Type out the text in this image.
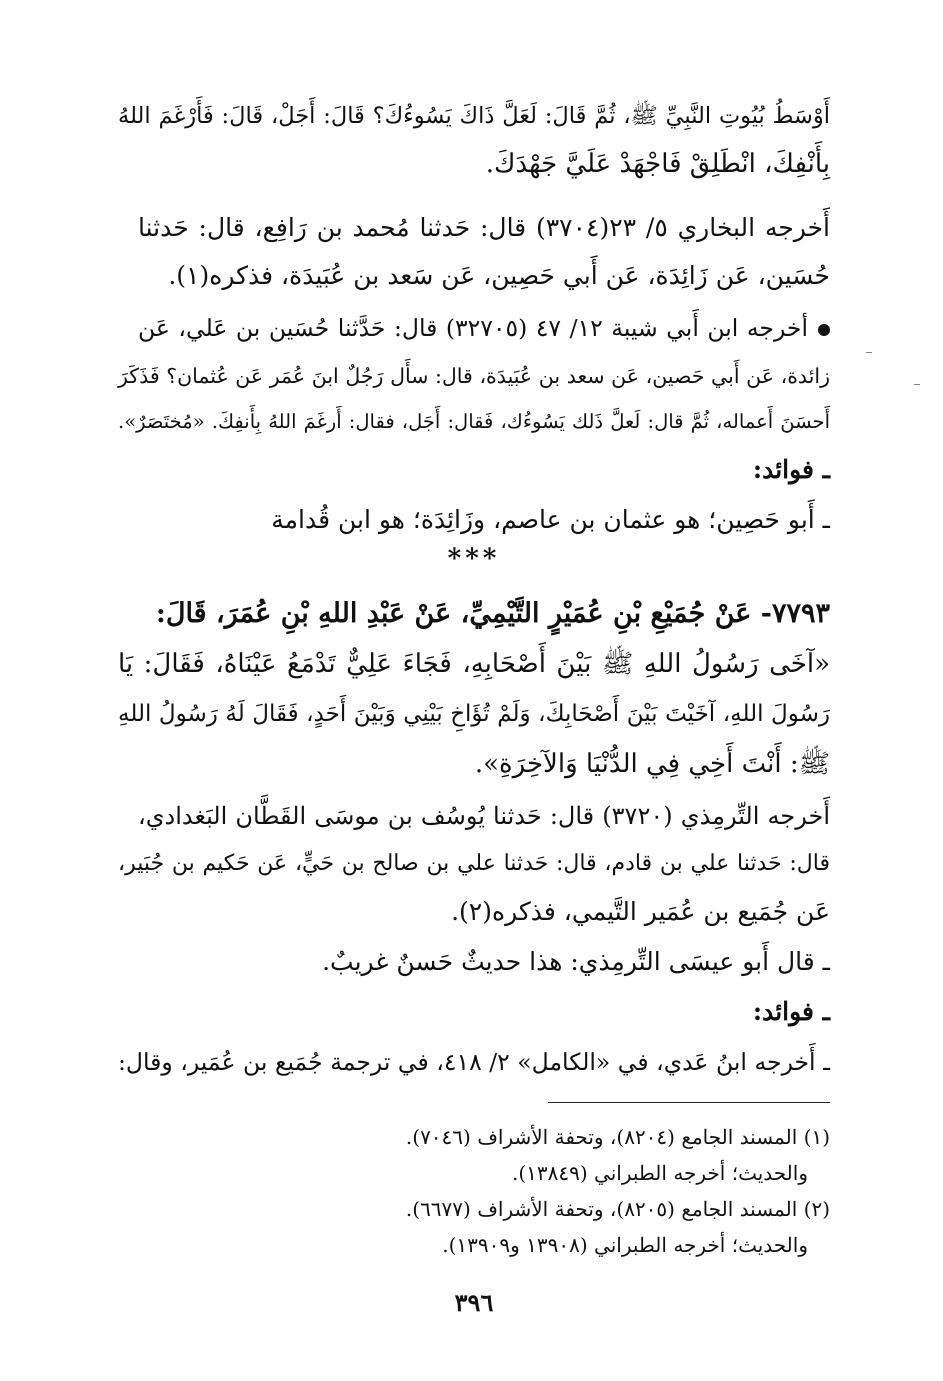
أَوْسَطُ بُيُوتِ النَّبِيِّ ﷺ، ثُمَّ قَالَ: لَعَلَّ ذَاكَ يَسُوءُكَ؟ قَالَ: أَجَلْ، قَالَ: فَأَرْغَمَ اللهُ
بِأَنْفِكَ، انْطَلِقْ فَاجْهَدْ عَلَيَّ جَهْدَكَ.
أَخرجه البخاري ٥/ ٢٣(٣٧٠٤) قال: حَدثنا مُحمد بن رَافِع، قال: حَدثنا
حُسَين، عَن زَائِدَة، عَن أَبي حَصِين، عَن سَعد بن عُبَيدَة، فذكره(١).
أخرجه ابن أَبي شيبة ١٢/ ٤٧ (٣٢٧٠٥) قال: حَدَّثنا حُسَين بن عَلي، عَن
زائدة، عَن أَبي حَصين، عَن سعد بن عُبَيدَة، قال: سأَل رَجُلٌ ابنَ عُمَر عَن عُثمان؟ فَذَكَرَ
أَحسَنَ أَعماله، ثُمَّ قال: لَعلَّ ذَلك يَسُوءُك، فَقال: أَجَل، فقال: أَرغَمَ اللهُ بِأَنفِكَ. «مُختَصَرٌ».
ـ فوائد:
ـ أَبو حَصِين؛ هو عثمان بن عاصم، وزَائِدَة؛ هو ابن قُدامة
***
٧٧٩٣- عَنْ جُمَيْعِ بْنِ عُمَيْرٍ التَّيْمِيِّ، عَنْ عَبْدِ اللهِ بْنِ عُمَرَ، قَالَ:
«آخَى رَسُولُ اللهِ ﷺ بَيْنَ أَصْحَابِهِ، فَجَاءَ عَلِيٌّ تَدْمَعُ عَيْنَاهُ، فَقَالَ: يَا
رَسُولَ اللهِ، آخَيْتَ بَيْنَ أَصْحَابِكَ، وَلَمْ تُؤَاخِ بَيْنِي وَبَيْنَ أَحَدٍ، فَقَالَ لَهُ رَسُولُ اللهِ
ﷺ: أَنْتَ أَخِي فِي الدُّنْيَا وَالآخِرَةِ».
أَخرجه التِّرمِذي (٣٧٢٠) قال: حَدثنا يُوسُف بن موسَى القَطَّان البَغدادي،
قال: حَدثنا علي بن قادم، قال: حَدثنا علي بن صالح بن حَيٍّ، عَن حَكيم بن جُبَير،
عَن جُمَيع بن عُمَير التَّيمي، فذكره(٢).
ـ قال أَبو عيسَى التِّرمِذي: هذا حديثٌ حَسنٌ غريبٌ.
ـ فوائد:
ـ أَخرجه ابنُ عَدي، في «الكامل» ٢/ ٤١٨، في ترجمة جُمَيع بن عُمَير، وقال:
(١) المسند الجامع (٨٢٠٤)، وتحفة الأشراف (٧٠٤٦).
والحديث؛ أخرجه الطبراني (١٣٨٤٩).
(٢) المسند الجامع (٨٢٠٥)، وتحفة الأشراف (٦٦٧٧).
والحديث؛ أخرجه الطبراني (١٣٩٠٨ و١٣٩٠٩).
٣٩٦
